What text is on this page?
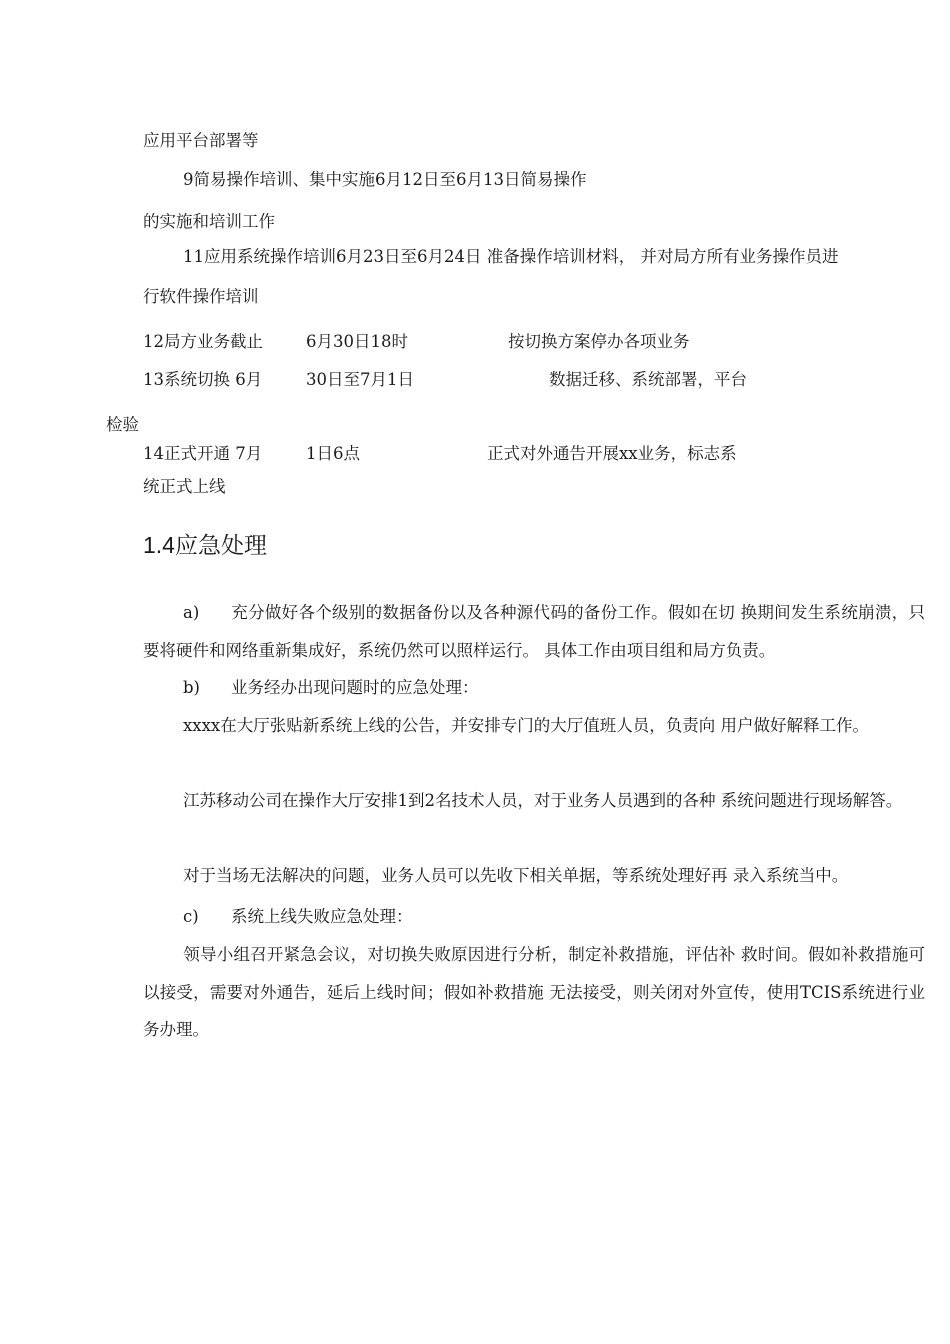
应用平台部署等
9简易操作培训、集中实施6月12日至6月13日简易操作
的实施和培训工作
11应用系统操作培训6月23日至6月24日 准备操作培训材料， 并对局方所有业务操作员进
行软件操作培训
12局方业务截止	6月30日18时	按切换方案停办各项业务
13系统切换 6月	30日至7月1日	数据迁移、系统部署，平台
检验
14正式开通 7月	1日6点	正式对外通告开展xx业务，标志系
统正式上线
1.4应急处理
a) 充分做好各个级别的数据备份以及各种源代码的备份工作。假如在切 换期间发生系统崩溃，只要将硬件和网络重新集成好，系统仍然可以照样运行。 具体工作由项目组和局方负责。
b) 业务经办出现问题时的应急处理：
xxxx在大厅张贴新系统上线的公告，并安排专门的大厅值班人员，负责向 用户做好解释工作。
江苏移动公司在操作大厅安排1到2名技术人员，对于业务人员遇到的各种 系统问题进行现场解答。
对于当场无法解决的问题，业务人员可以先收下相关单据，等系统处理好再 录入系统当中。
c) 系统上线失败应急处理：
领导小组召开紧急会议，对切换失败原因进行分析，制定补救措施，评估补 救时间。假如补救措施可以接受，需要对外通告，延后上线时间；假如补救措施 无法接受，则关闭对外宣传，使用TCIS系统进行业务办理。
